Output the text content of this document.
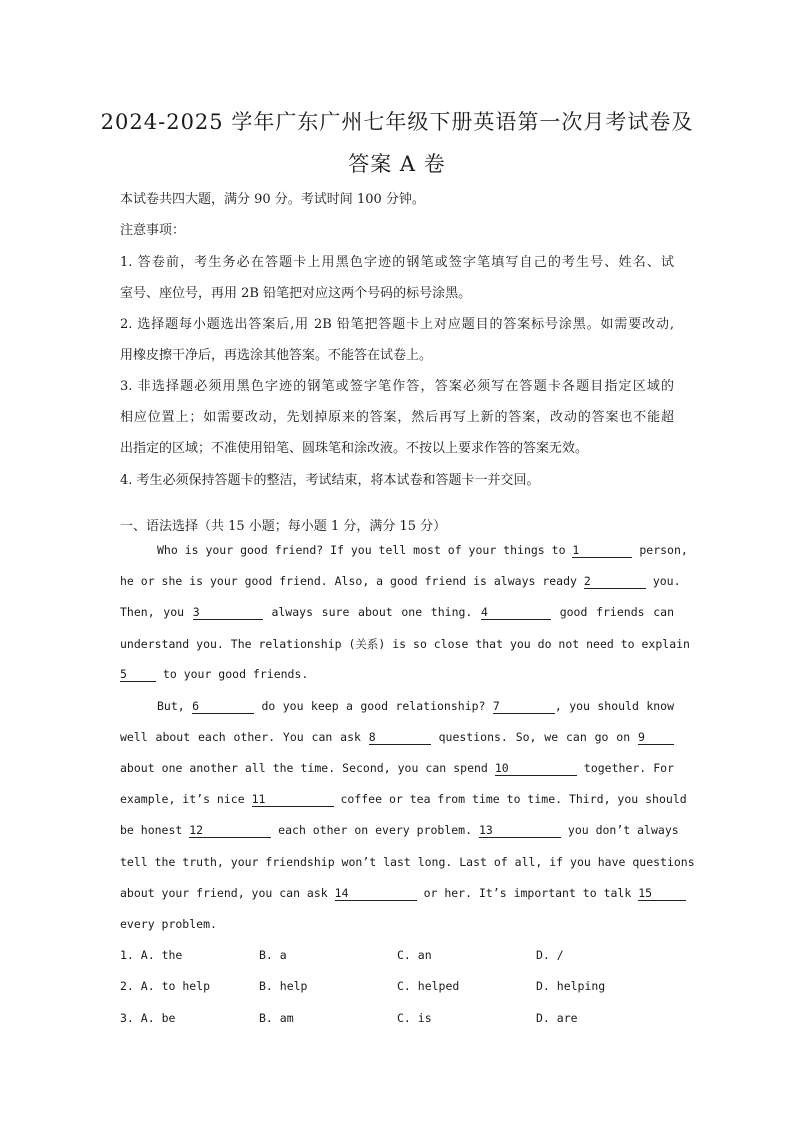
2024-2025 学年广东广州七年级下册英语第一次月考试卷及
答案 A 卷
本试卷共四大题，满分 90 分。考试时间 100 分钟。
注意事项：
1. 答卷前，考生务必在答题卡上用黑色字迹的钢笔或签字笔填写自己的考生号、姓名、试
室号、座位号，再用 2B 铅笔把对应这两个号码的标号涂黑。
2. 选择题每小题选出答案后,用 2B 铅笔把答题卡上对应题目的答案标号涂黑。如需要改动,
用橡皮擦干净后，再选涂其他答案。不能答在试卷上。
3. 非选择题必须用黑色字迹的钢笔或签字笔作答，答案必须写在答题卡各题目指定区域的
相应位置上；如需要改动，先划掉原来的答案，然后再写上新的答案，改动的答案也不能超
出指定的区域；不准使用铅笔、圆珠笔和涂改液。不按以上要求作答的答案无效。
4. 考生必须保持答题卡的整洁，考试结束，将本试卷和答题卡一并交回。
一、语法选择（共 15 小题；每小题 1 分，满分 15 分）
Who is your good friend? If you tell most of your things to 1	person,
he or she is your good friend. Also, a good friend is always ready 2	you.
Then, you 3	always sure about one thing. 4	good friends can
understand you. The relationship (关系) is so close that you do not need to explain
5	to your good friends.
But, 6	do you keep a good relationship? 7	, you should know
well about each other. You can ask 8	questions. So, we can go on 9
about one another all the time. Second, you can spend 10	together. For
example, it’s nice 11	coffee or tea from time to time. Third, you should
be honest 12	each other on every problem. 13	you don’t always
tell the truth, your friendship won’t last long. Last of all, if you have questions
about your friend, you can ask 14	or her. It’s important to talk 15
every problem.
1. A. the	B. a	C. an	D. /
2. A. to help	B. help	C. helped	D. helping
3. A. be	B. am	C. is	D. are
